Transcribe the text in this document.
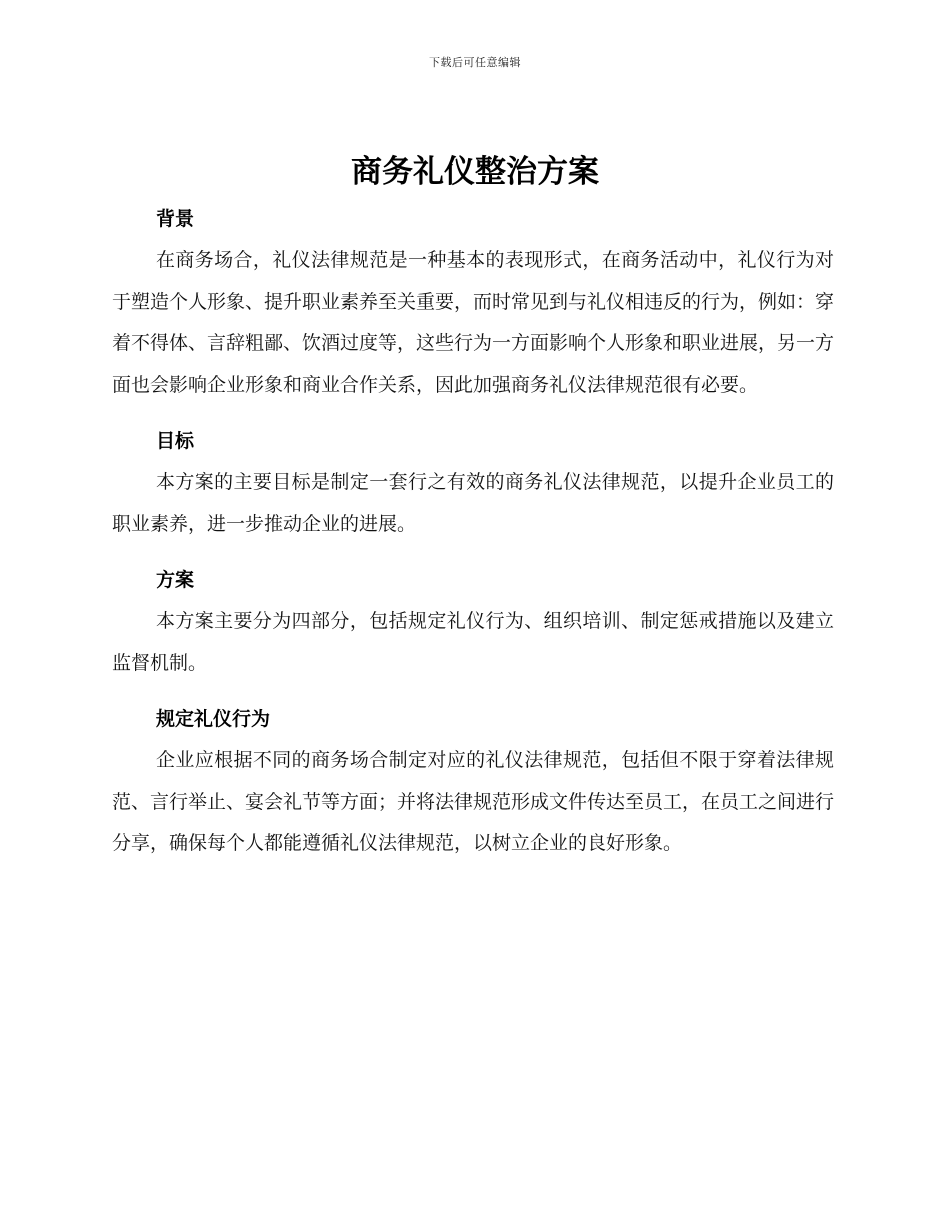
下载后可任意编辑
商务礼仪整治方案
背景

在商务场合，礼仪法律规范是一种基本的表现形式，在商务活动中，礼仪行为对于塑造个人形象、提升职业素养至关重要，而时常见到与礼仪相违反的行为，例如：穿着不得体、言辞粗鄙、饮酒过度等，这些行为一方面影响个人形象和职业进展，另一方面也会影响企业形象和商业合作关系，因此加强商务礼仪法律规范很有必要。

目标

本方案的主要目标是制定一套行之有效的商务礼仪法律规范，以提升企业员工的职业素养，进一步推动企业的进展。

方案

本方案主要分为四部分，包括规定礼仪行为、组织培训、制定惩戒措施以及建立监督机制。

规定礼仪行为

企业应根据不同的商务场合制定对应的礼仪法律规范，包括但不限于穿着法律规范、言行举止、宴会礼节等方面；并将法律规范形成文件传达至员工，在员工之间进行分享，确保每个人都能遵循礼仪法律规范，以树立企业的良好形象。
